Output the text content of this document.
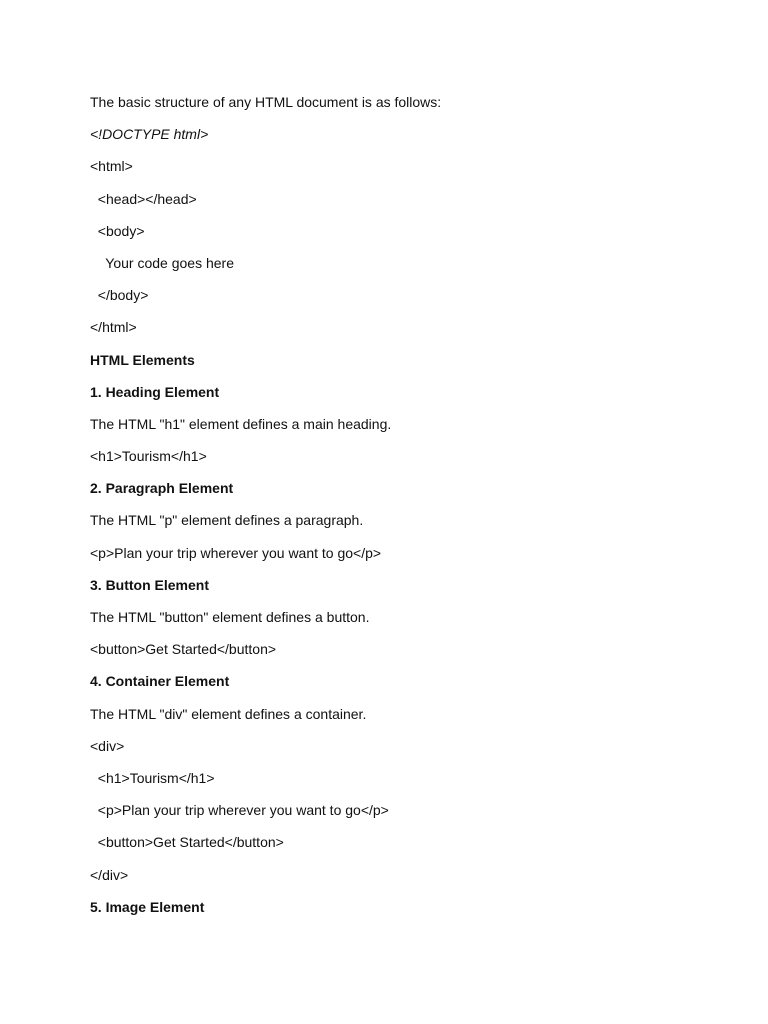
The basic structure of any HTML document is as follows:
<!DOCTYPE html>
<html>
<head></head>
<body>
Your code goes here
</body>
</html>
HTML Elements
1. Heading Element
The HTML "h1" element defines a main heading.
<h1>Tourism</h1>
2. Paragraph Element
The HTML "p" element defines a paragraph.
<p>Plan your trip wherever you want to go</p>
3. Button Element
The HTML "button" element defines a button.
<button>Get Started</button>
4. Container Element
The HTML "div" element defines a container.
<div>
<h1>Tourism</h1>
<p>Plan your trip wherever you want to go</p>
<button>Get Started</button>
</div>
5. Image Element
